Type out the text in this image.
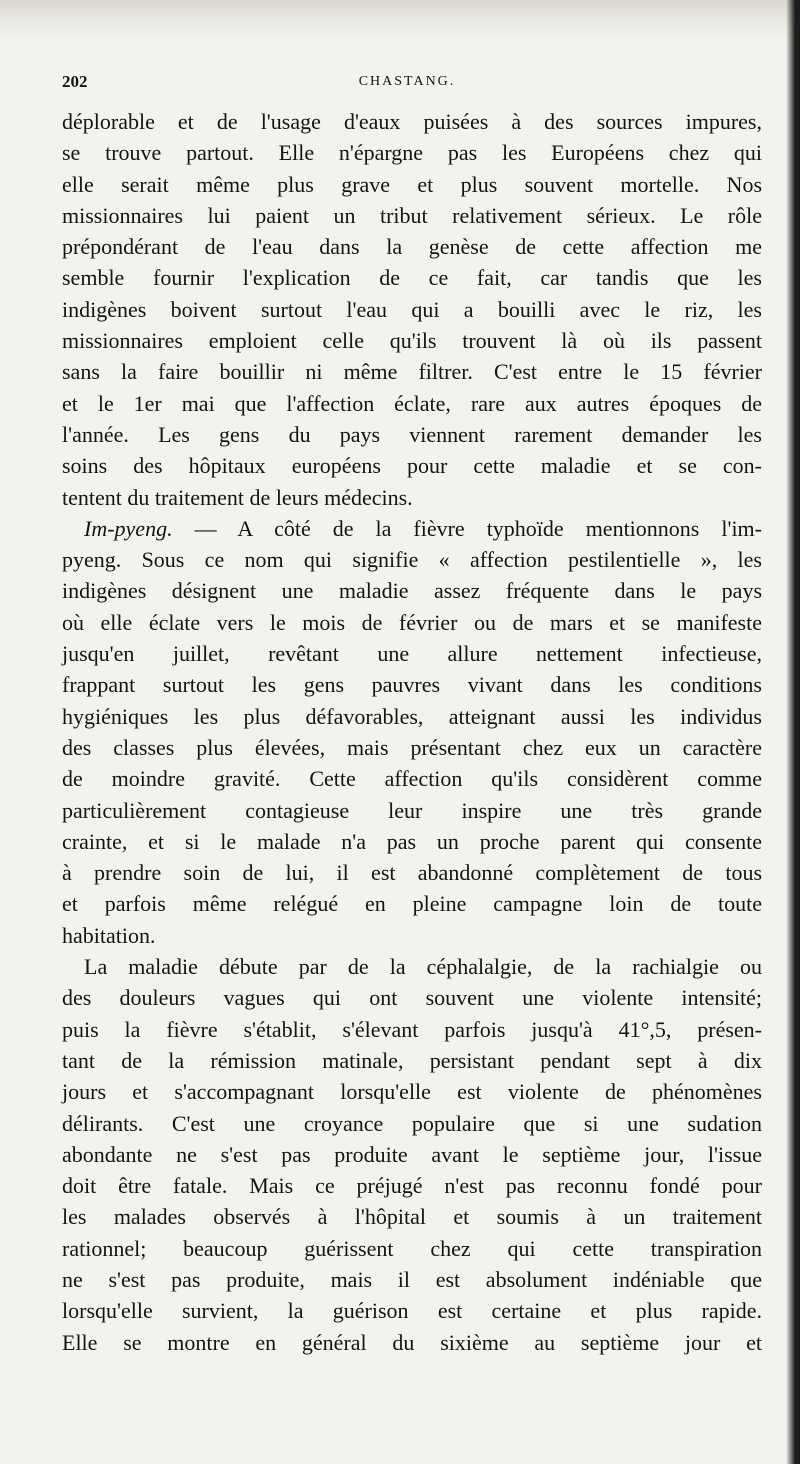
202	CHASTANG.
déplorable et de l'usage d'eaux puisées à des sources impures,
se trouve partout. Elle n'épargne pas les Européens chez qui
elle serait même plus grave et plus souvent mortelle. Nos
missionnaires lui paient un tribut relativement sérieux. Le rôle
prépondérant de l'eau dans la genèse de cette affection me
semble fournir l'explication de ce fait, car tandis que les
indigènes boivent surtout l'eau qui a bouilli avec le riz, les
missionnaires emploient celle qu'ils trouvent là où ils passent
sans la faire bouillir ni même filtrer. C'est entre le 15 février
et le 1er mai que l'affection éclate, rare aux autres époques de
l'année. Les gens du pays viennent rarement demander les
soins des hôpitaux européens pour cette maladie et se con-
tentent du traitement de leurs médecins.
Im-pyeng. — A côté de la fièvre typhoïde mentionnons l'im-
pyeng. Sous ce nom qui signifie « affection pestilentielle », les
indigènes désignent une maladie assez fréquente dans le pays
où elle éclate vers le mois de février ou de mars et se manifeste
jusqu'en juillet, revêtant une allure nettement infectieuse,
frappant surtout les gens pauvres vivant dans les conditions
hygiéniques les plus défavorables, atteignant aussi les individus
des classes plus élevées, mais présentant chez eux un caractère
de moindre gravité. Cette affection qu'ils considèrent comme
particulièrement contagieuse leur inspire une très grande
crainte, et si le malade n'a pas un proche parent qui consente
à prendre soin de lui, il est abandonné complètement de tous
et parfois même relégué en pleine campagne loin de toute
habitation.
La maladie débute par de la céphalalgie, de la rachialgie ou
des douleurs vagues qui ont souvent une violente intensité;
puis la fièvre s'établit, s'élevant parfois jusqu'à 41°,5, présen-
tant de la rémission matinale, persistant pendant sept à dix
jours et s'accompagnant lorsqu'elle est violente de phénomènes
délirants. C'est une croyance populaire que si une sudation
abondante ne s'est pas produite avant le septième jour, l'issue
doit être fatale. Mais ce préjugé n'est pas reconnu fondé pour
les malades observés à l'hôpital et soumis à un traitement
rationnel; beaucoup guérissent chez qui cette transpiration
ne s'est pas produite, mais il est absolument indéniable que
lorsqu'elle survient, la guérison est certaine et plus rapide.
Elle se montre en général du sixième au septième jour et
